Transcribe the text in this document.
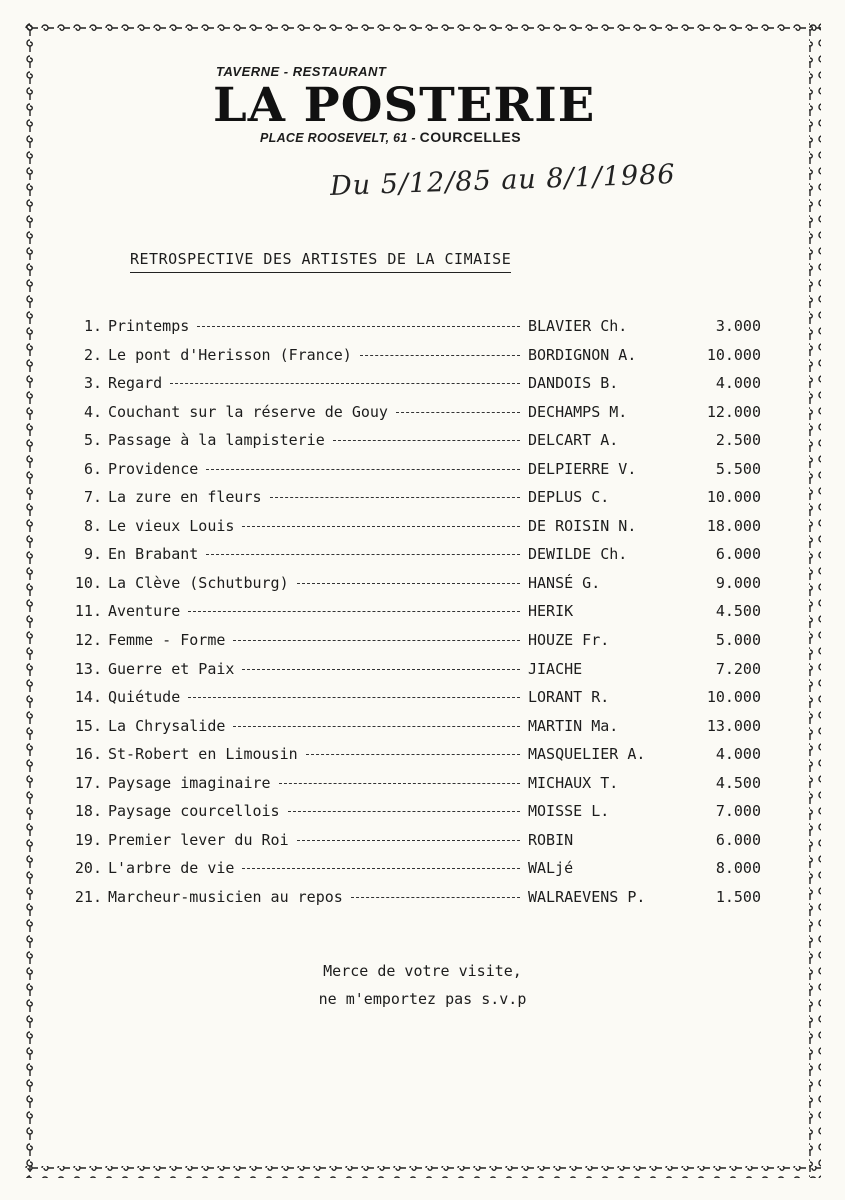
TAVERNE - RESTAURANT
LA POSTERIE
PLACE ROOSEVELT, 61 - COURCELLES
Du 5/12/85 au 8/1/1986
RETROSPECTIVE DES ARTISTES DE LA CIMAISE
1. Printemps	BLAVIER Ch.	3.000
2. Le pont d'Herisson (France)	BORDIGNON A.	10.000
3. Regard	DANDOIS B.	4.000
4. Couchant sur la réserve de Gouy	DECHAMPS M.	12.000
5. Passage à la lampisterie	DELCART A.	2.500
6. Providence	DELPIERRE V.	5.500
7. La zure en fleurs	DEPLUS C.	10.000
8. Le vieux Louis	DE ROISIN N.	18.000
9. En Brabant	DEWILDE Ch.	6.000
10. La Clève (Schutburg)	HANSÉ G.	9.000
11. Aventure	HERIK	4.500
12. Femme - Forme	HOUZE Fr.	5.000
13. Guerre et Paix	JIACHE	7.200
14. Quiétude	LORANT R.	10.000
15. La Chrysalide	MARTIN Ma.	13.000
16. St-Robert en Limousin	MASQUELIER A.	4.000
17. Paysage imaginaire	MICHAUX T.	4.500
18. Paysage courcellois	MOISSE L.	7.000
19. Premier lever du Roi	ROBIN	6.000
20. L'arbre de vie	WALjé	8.000
21. Marcheur-musicien au repos	WALRAEVENS P.	1.500
Merce de votre visite,
ne m'emportez pas s.v.p
